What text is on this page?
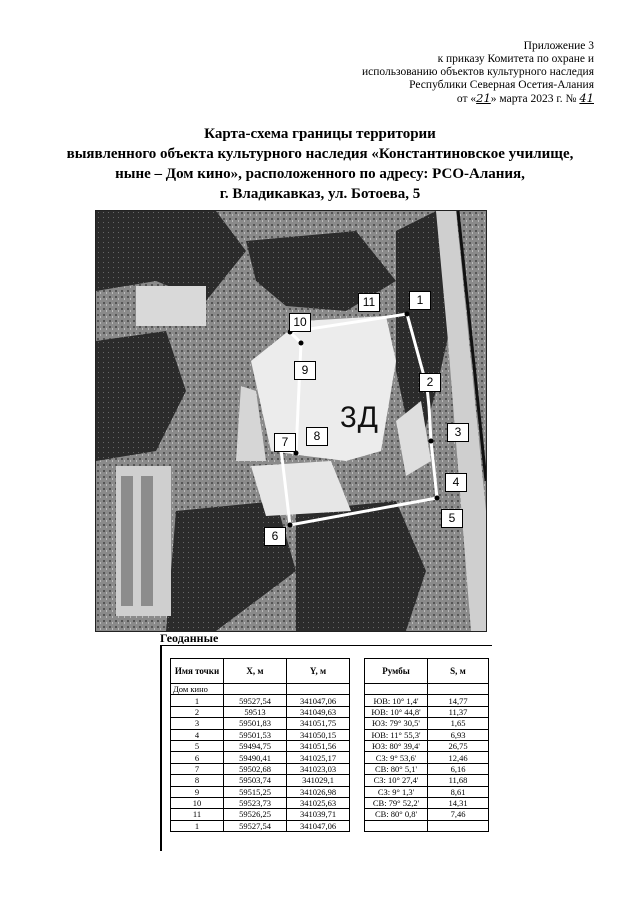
Приложение 3
к приказу Комитета по охране и
использованию объектов культурного наследия
Республики Северная Осетия-Алания
от «21» марта 2023 г. № 41
Карта-схема границы территории
выявленного объекта культурного наследия «Константиновское училище,
ныне – Дом кино», расположенного по адресу: РСО-Алания,
г. Владикавказ, ул. Ботоева, 5
3Д
1
2
3
4
5
6
7	8
9
10
11
Геоданные
Имя точки	X, м	Y, м		Румбы	S, м
Дом кино					
1	59527,54	341047,06		ЮВ: 10° 1,4'	14,77
2	59513	341049,63		ЮВ: 10° 44,8'	11,37
3	59501,83	341051,75		ЮЗ: 79° 30,5'	1,65
4	59501,53	341050,15		ЮВ: 11° 55,3'	6,93
5	59494,75	341051,56		ЮЗ: 80° 39,4'	26,75
6	59490,41	341025,17		СЗ: 9° 53,6'	12,46
7	59502,68	341023,03		СВ: 80° 5,1'	6,16
8	59503,74	341029,1		СЗ: 10° 27,4'	11,68
9	59515,25	341026,98		СЗ: 9° 1,3'	8,61
10	59523,73	341025,63		СВ: 79° 52,2'	14,31
11	59526,25	341039,71		СВ: 80° 0,8'	7,46
1	59527,54	341047,06			
